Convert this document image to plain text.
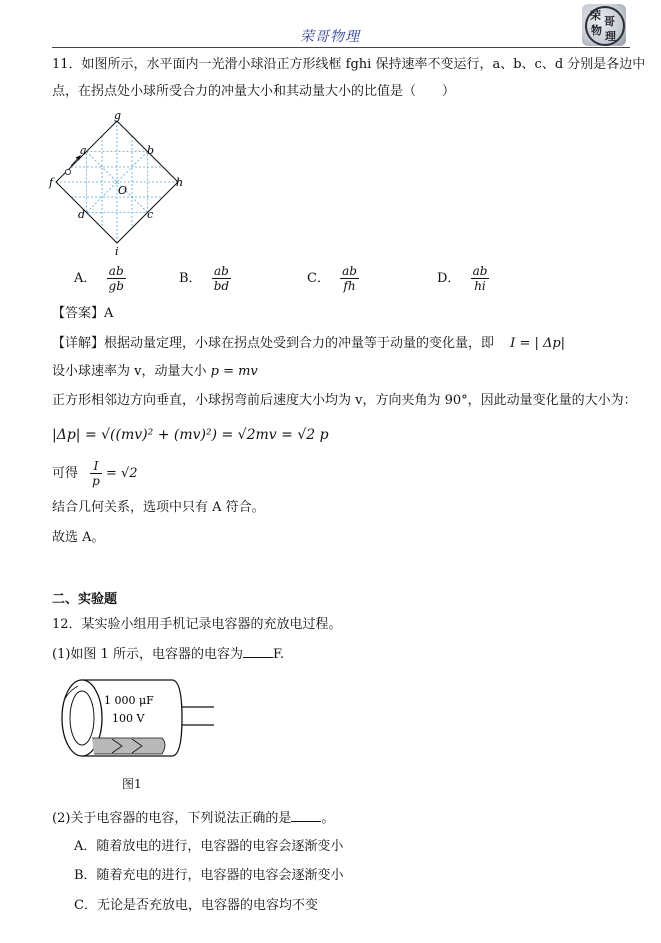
荣哥物理
荣 哥
物 理
11．如图所示，水平面内一光滑小球沿正方形线框 fghi 保持速率不变运行，a、b、c、d 分别是各边中
点，在拐点处小球所受合力的冲量大小和其动量大小的比值是（　　）
g
a	b
f	h
O
d	c
i
A． $\frac{ab}{gb}$	B． $\frac{ab}{bd}$	C． $\frac{ab}{fh}$	D． $\frac{ab}{hi}$
【答案】A
【详解】根据动量定理，小球在拐点处受到合力的冲量等于动量的变化量，即 I = | Δp|
设小球速率为 v，动量大小 p = mv
正方形相邻边方向垂直，小球拐弯前后速度大小均为 v，方向夹角为 90°，因此动量变化量的大小为：
|Δp| = √((mv)² + (mv)²) = √2mv = √2 p
可得 $\frac{I}{p} = √2$
结合几何关系，选项中只有 A 符合。
故选 A。
二、实验题
12．某实验小组用手机记录电容器的充放电过程。
(1)如图 1 所示，电容器的电容为 F.
1 000 μF
100 V
图1
(2)关于电容器的电容，下列说法正确的是 。
A．随着放电的进行，电容器的电容会逐渐变小
B．随着充电的进行，电容器的电容会逐渐变小
C．无论是否充放电，电容器的电容均不变
